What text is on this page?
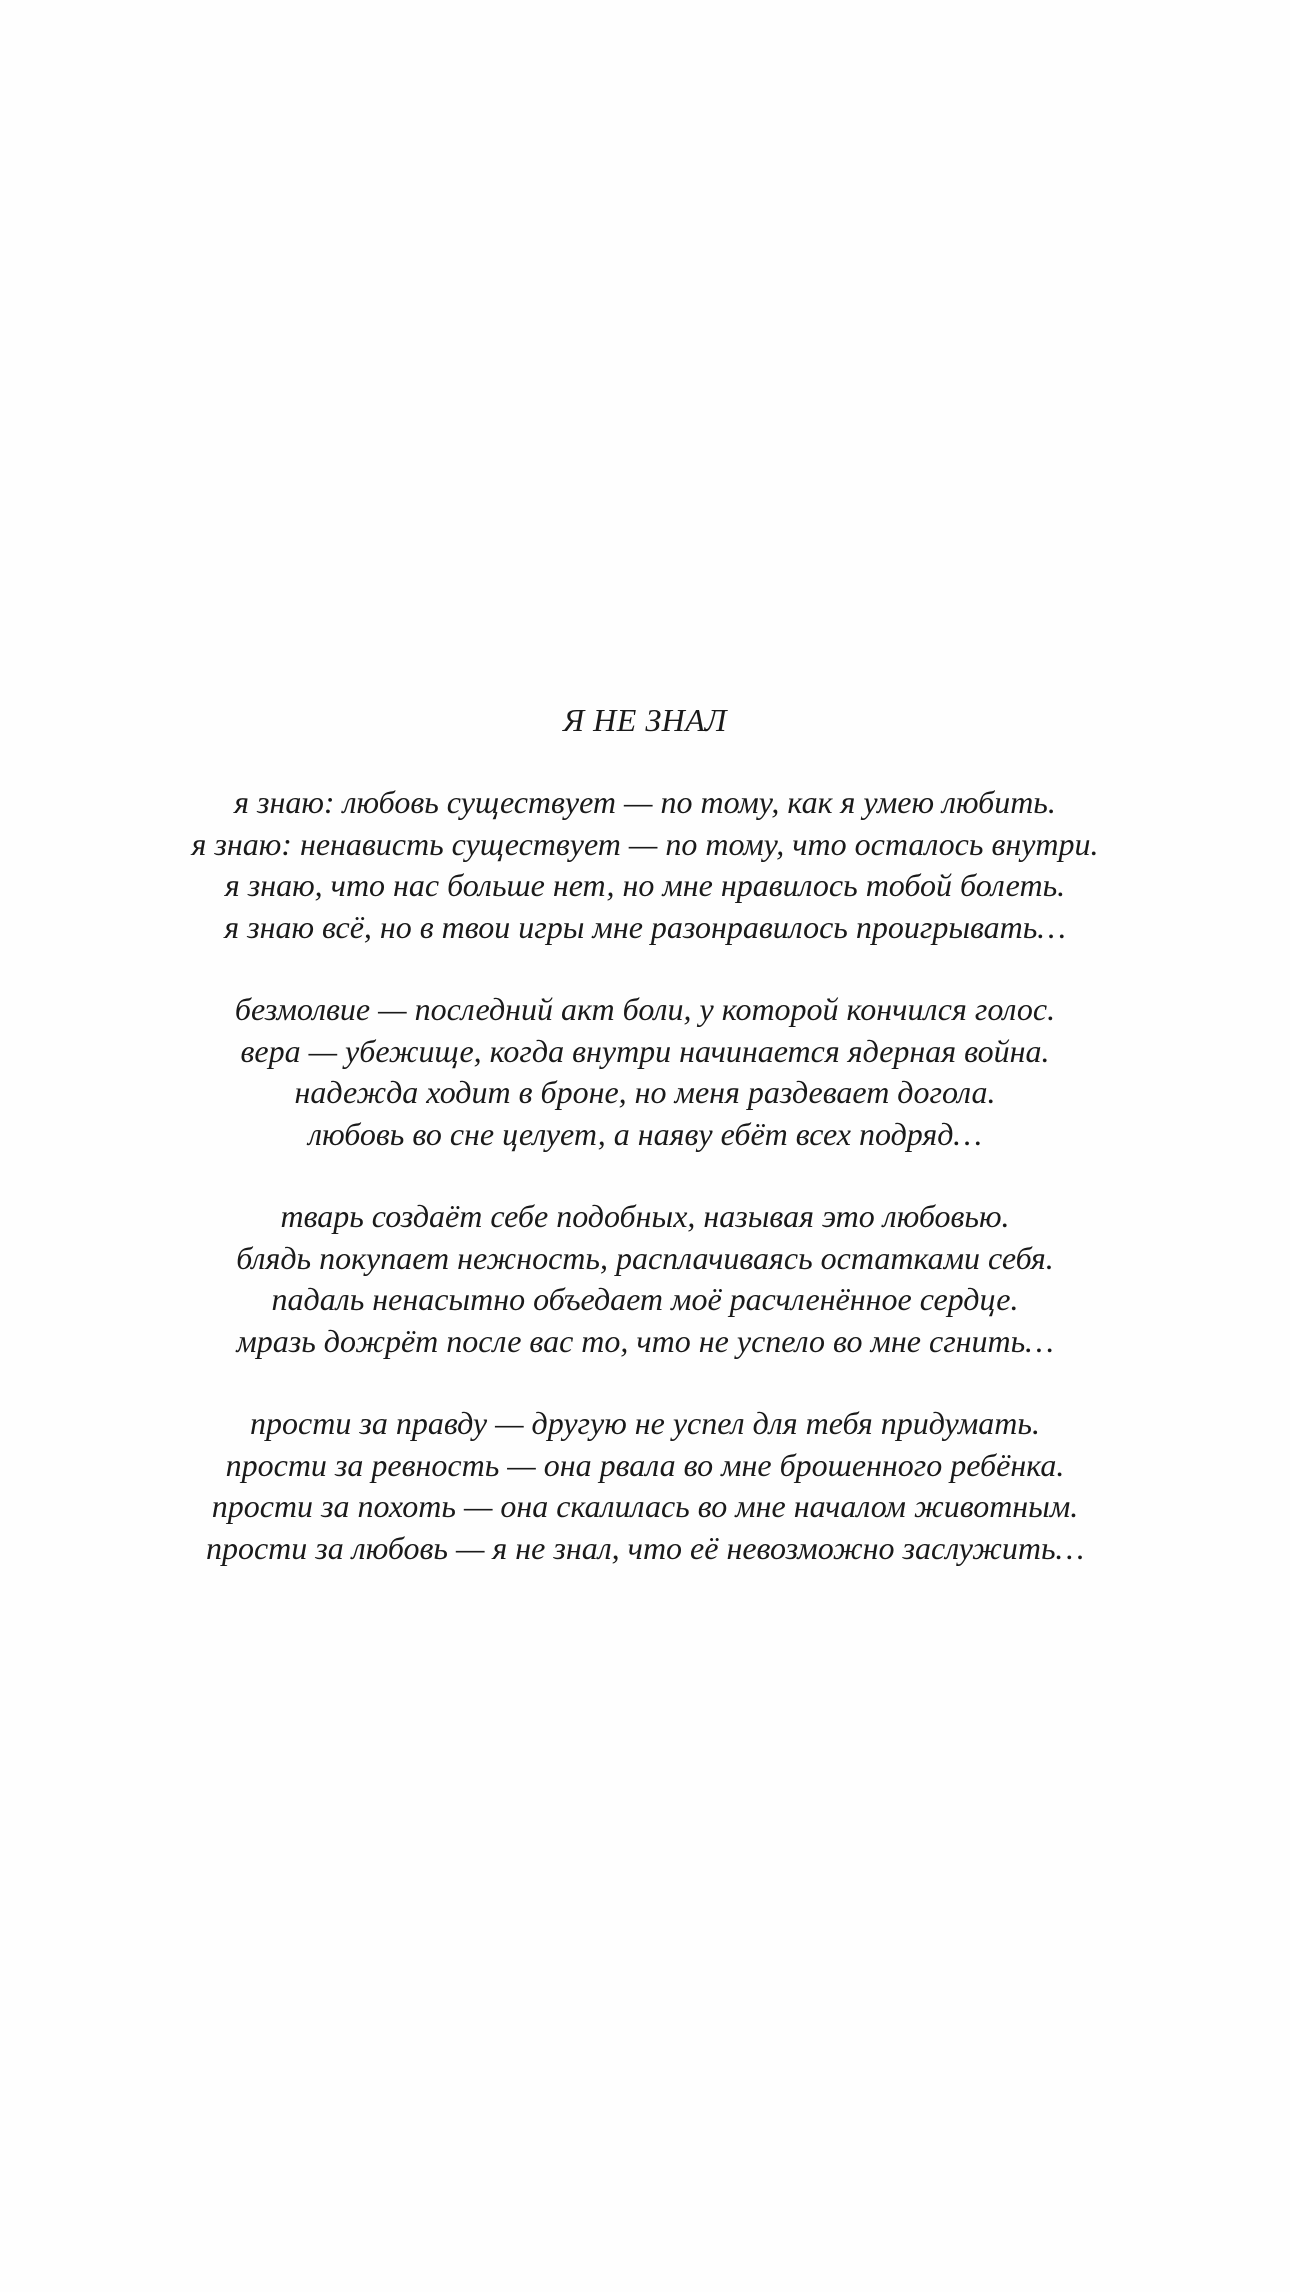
Я НЕ ЗНАЛ
я знаю: любовь существует — по тому, как я умею любить.
я знаю: ненависть существует — по тому, что осталось внутри.
я знаю, что нас больше нет, но мне нравилось тобой болеть.
я знаю всё, но в твои игры мне разонравилось проигрывать…
безмолвие — последний акт боли, у которой кончился голос.
вера — убежище, когда внутри начинается ядерная война.
надежда ходит в броне, но меня раздевает догола.
любовь во сне целует, а наяву ебёт всех подряд…
тварь создаёт себе подобных, называя это любовью.
блядь покупает нежность, расплачиваясь остатками себя.
падаль ненасытно объедает моё расчленённое сердце.
мразь дожрёт после вас то, что не успело во мне сгнить…
прости за правду — другую не успел для тебя придумать.
прости за ревность — она рвала во мне брошенного ребёнка.
прости за похоть — она скалилась во мне началом животным.
прости за любовь — я не знал, что её невозможно заслужить…
